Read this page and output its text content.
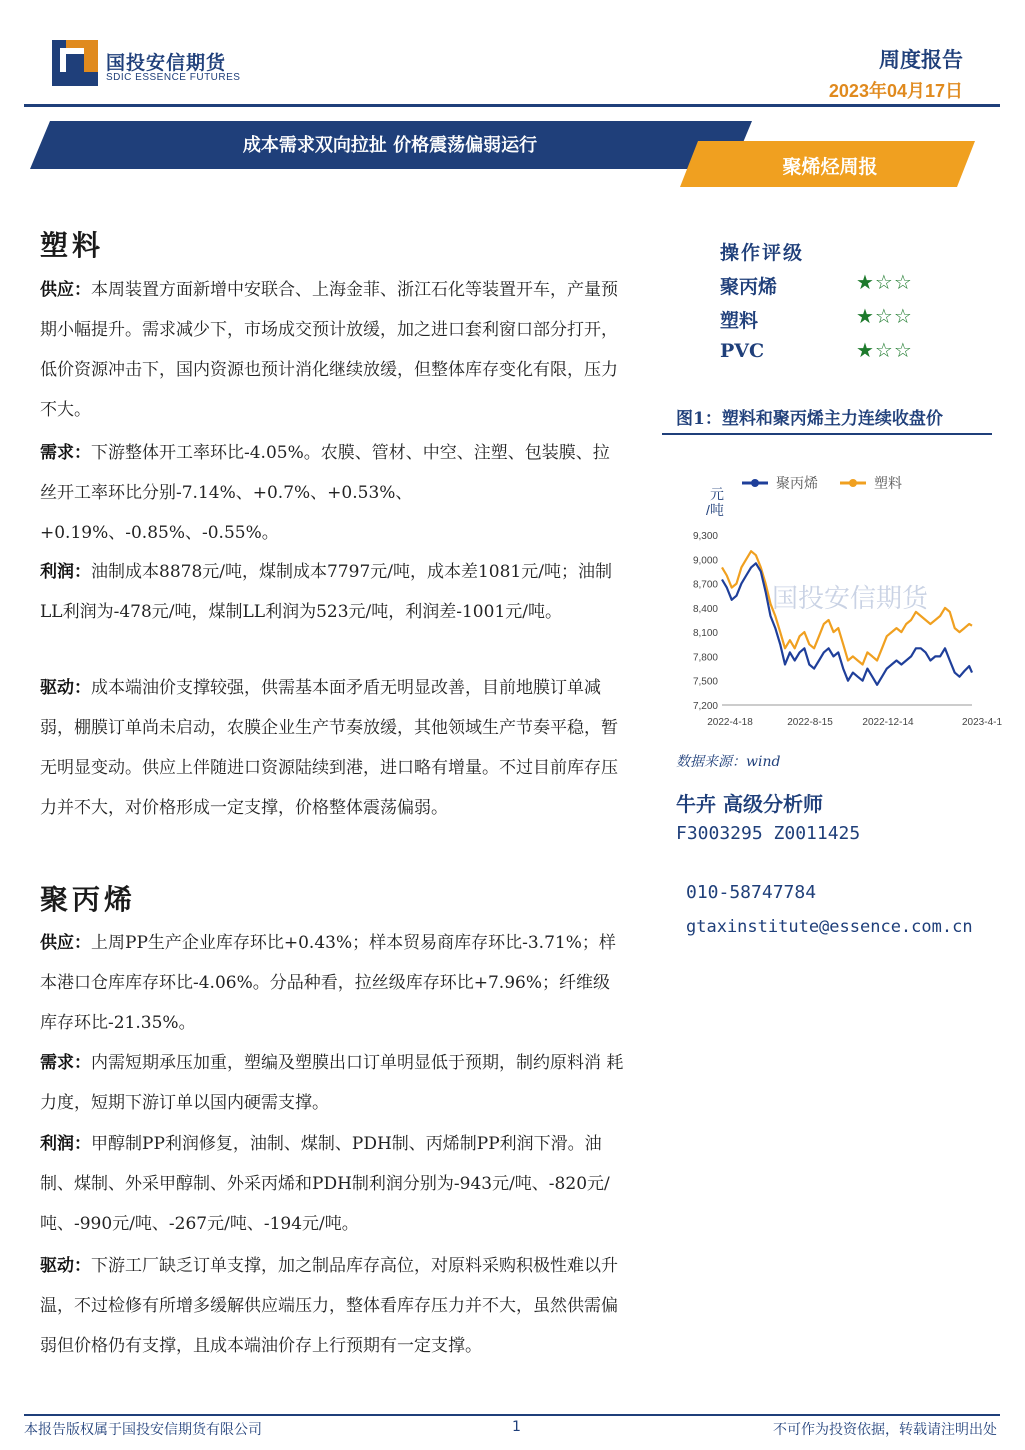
国投安信期货
SDIC ESSENCE FUTURES
周度报告
2023年04月17日
成本需求双向拉扯 价格震荡偏弱运行
聚烯烃周报
塑料
供应：本周装置方面新增中安联合、上海金菲、浙江石化等装置开车，产量预期小幅提升。需求减少下，市场成交预计放缓，加之进口套利窗口部分打开，低价资源冲击下，国内资源也预计消化继续放缓，但整体库存变化有限，压力不大。
需求：下游整体开工率环比-4.05%。农膜、管材、中空、注塑、包装膜、拉丝开工率环比分别-7.14%、+0.7%、+0.53%、+0.19%、-0.85%、-0.55%。
利润：油制成本8878元/吨，煤制成本7797元/吨，成本差1081元/吨；油制LL利润为-478元/吨，煤制LL利润为523元/吨，利润差-1001元/吨。
驱动：成本端油价支撑较强，供需基本面矛盾无明显改善，目前地膜订单减弱，棚膜订单尚未启动，农膜企业生产节奏放缓，其他领域生产节奏平稳，暂无明显变动。供应上伴随进口资源陆续到港，进口略有增量。不过目前库存压力并不大，对价格形成一定支撑，价格整体震荡偏弱。
聚丙烯
供应：上周PP生产企业库存环比+0.43%；样本贸易商库存环比-3.71%；样本港口仓库库存环比-4.06%。分品种看，拉丝级库存环比+7.96%；纤维级库存环比-21.35%。
需求：内需短期承压加重，塑编及塑膜出口订单明显低于预期，制约原料消 耗力度，短期下游订单以国内硬需支撑。
利润：甲醇制PP利润修复，油制、煤制、PDH制、丙烯制PP利润下滑。油制、煤制、外采甲醇制、外采丙烯和PDH制利润分别为-943元/吨、-820元/吨、-990元/吨、-267元/吨、-194元/吨。
驱动：下游工厂缺乏订单支撑，加之制品库存高位，对原料采购积极性难以升温，不过检修有所增多缓解供应端压力，整体看库存压力并不大，虽然供需偏弱但价格仍有支撑，且成本端油价存上行预期有一定支撑。
操作评级
聚丙烯	★☆☆
塑料	★☆☆
PVC	★☆☆
图1：塑料和聚丙烯主力连续收盘价
聚丙烯	塑料
元
/吨
国投安信期货
9,300
9,000
8,700
8,400
8,100
7,800
7,500
7,200
2022-4-18	2022-8-15	2022-12-14	2023-4-1
数据来源：wind
牛卉 高级分析师
F3003295 Z0011425
010-58747784
gtaxinstitute@essence.com.cn
本报告版权属于国投安信期货有限公司	1	不可作为投资依据，转载请注明出处
